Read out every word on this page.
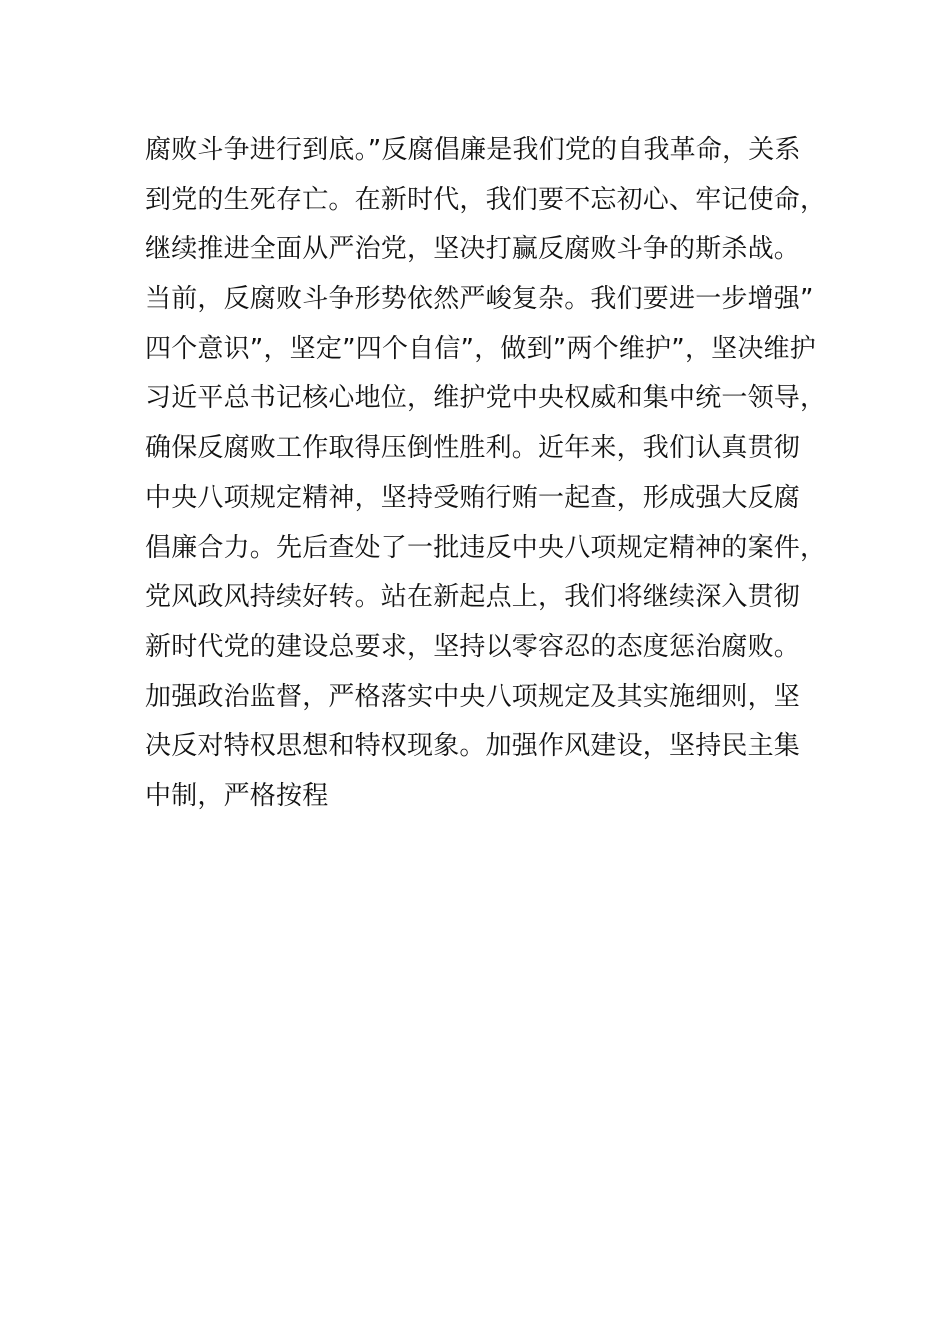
腐败斗争进行到底。”反腐倡廉是我们党的自我革命，关系
到党的生死存亡。在新时代，我们要不忘初心、牢记使命，
继续推进全面从严治党，坚决打赢反腐败斗争的斯杀战。
当前，反腐败斗争形势依然严峻复杂。我们要进一步增强”
四个意识”，坚定”四个自信”，做到”两个维护”，坚决维护
习近平总书记核心地位，维护党中央权威和集中统一领导，
确保反腐败工作取得压倒性胜利。近年来，我们认真贯彻
中央八项规定精神，坚持受贿行贿一起查，形成强大反腐
倡廉合力。先后查处了一批违反中央八项规定精神的案件，
党风政风持续好转。站在新起点上，我们将继续深入贯彻
新时代党的建设总要求，坚持以零容忍的态度惩治腐败。
加强政治监督，严格落实中央八项规定及其实施细则，坚
决反对特权思想和特权现象。加强作风建设，坚持民主集
中制，严格按程
